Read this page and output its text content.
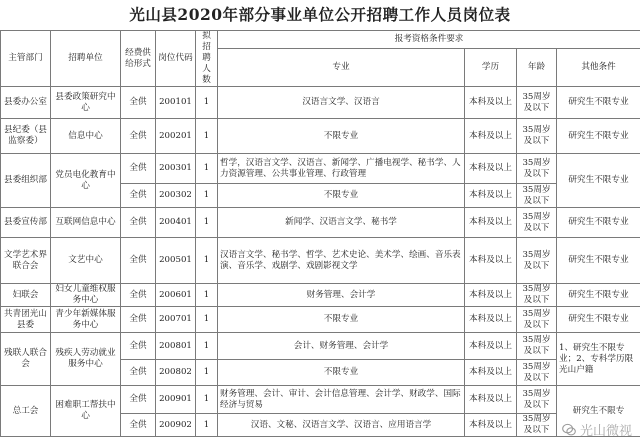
光山县2020年部分事业单位公开招聘工作人员岗位表
主管部门	招聘单位	经费供给形式	岗位代码	拟招聘人数	报考资格条件要求			
					专业	学历	年龄	其他条件
县委办公室	县委政策研究中心	全供	200101	1	汉语言文学、汉语言	本科及以上	35周岁及以下	研究生不限专业
县纪委（县监察委）	信息中心	全供	200201	1	不限专业	本科及以上	35周岁及以下	研究生不限专业
县委组织部	党员电化教育中心	全供	200301	1	哲学，汉语言文学、汉语言、新闻学、广播电视学、秘书学、人力资源管理、公共事业管理、行政管理	本科及以上	35周岁及以下	研究生不限专业
		全供	200302	1	不限专业	本科及以上	35周岁及以下	
县委宣传部	互联网信息中心	全供	200401	1	新闻学、汉语言文学、秘书学	本科及以上	35周岁及以下	研究生不限专业
文学艺术界联合会	文艺中心	全供	200501	1	汉语言文学、秘书学、哲学、艺术史论、美术学、绘画、音乐表演、音乐学、戏剧学、戏剧影视文学	本科及以上	35周岁及以下	研究生不限专业
妇联会	妇女儿童维权服务中心	全供	200601	1	财务管理、会计学	本科及以上	35周岁及以下	研究生不限专业
共青团光山县委	青少年新媒体服务中心	全供	200701	1	不限专业	本科及以上	35周岁及以下	研究生不限专业
残联人联合会	残疾人劳动就业服务中心	全供	200801	1	会计、财务管理、会计学	本科及以上	35周岁及以下	1、研究生不限专业；2、专科学历限光山户籍
		全供	200802	1	不限专业	本科及以上	35周岁及以下	
总工会	困难职工帮扶中心	全供	200901	1	财务管理、会计、审计、会计信息管理、会计学、财政学、国际经济与贸易	本科及以上	35周岁及以下	研究生不限专
		全供	200902	1	汉语、文秘、汉语言文学、汉语言、应用语言学	本科及以上	35周岁及以下	光山微视
